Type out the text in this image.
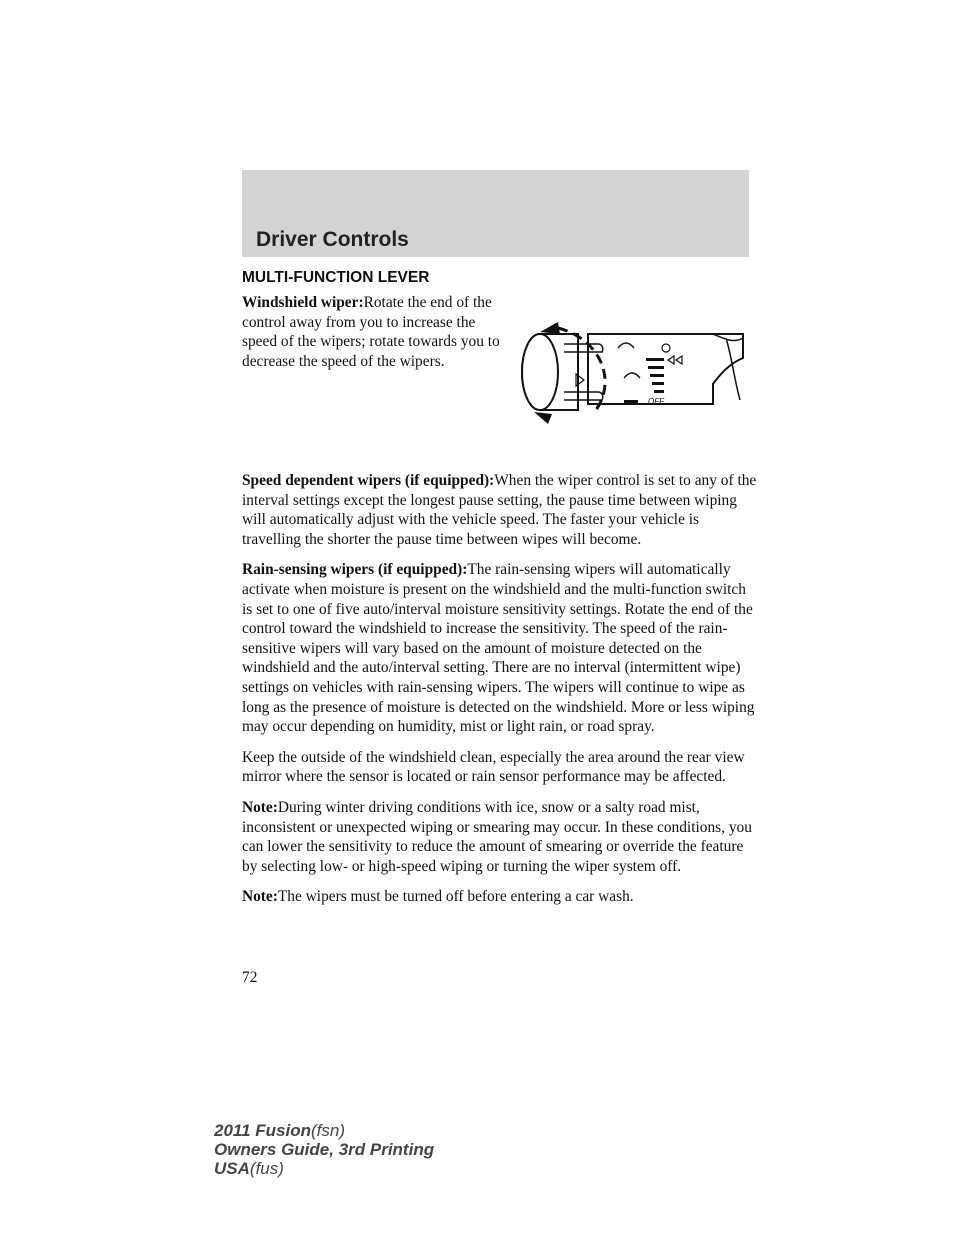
Driver Controls
MULTI-FUNCTION LEVER

Windshield wiper:Rotate the end of the control away from you to increase the speed of the wipers; rotate towards you to decrease the speed of the wipers.

OFF

Speed dependent wipers (if equipped):When the wiper control is set to any of the interval settings except the longest pause setting, the pause time between wiping will automatically adjust with the vehicle speed. The faster your vehicle is travelling the shorter the pause time between wipes will become.

Rain-sensing wipers (if equipped):The rain-sensing wipers will automatically activate when moisture is present on the windshield and the multi-function switch is set to one of five auto/interval moisture sensitivity settings. Rotate the end of the control toward the windshield to increase the sensitivity. The speed of the rain-sensitive wipers will vary based on the amount of moisture detected on the windshield and the auto/interval setting. There are no interval (intermittent wipe) settings on vehicles with rain-sensing wipers. The wipers will continue to wipe as long as the presence of moisture is detected on the windshield. More or less wiping may occur depending on humidity, mist or light rain, or road spray.

Keep the outside of the windshield clean, especially the area around the rear view mirror where the sensor is located or rain sensor performance may be affected.

Note:During winter driving conditions with ice, snow or a salty road mist, inconsistent or unexpected wiping or smearing may occur. In these conditions, you can lower the sensitivity to reduce the amount of smearing or override the feature by selecting low- or high-speed wiping or turning the wiper system off.

Note:The wipers must be turned off before entering a car wash.

72
2011 Fusion(fsn)
Owners Guide, 3rd Printing
USA(fus)
